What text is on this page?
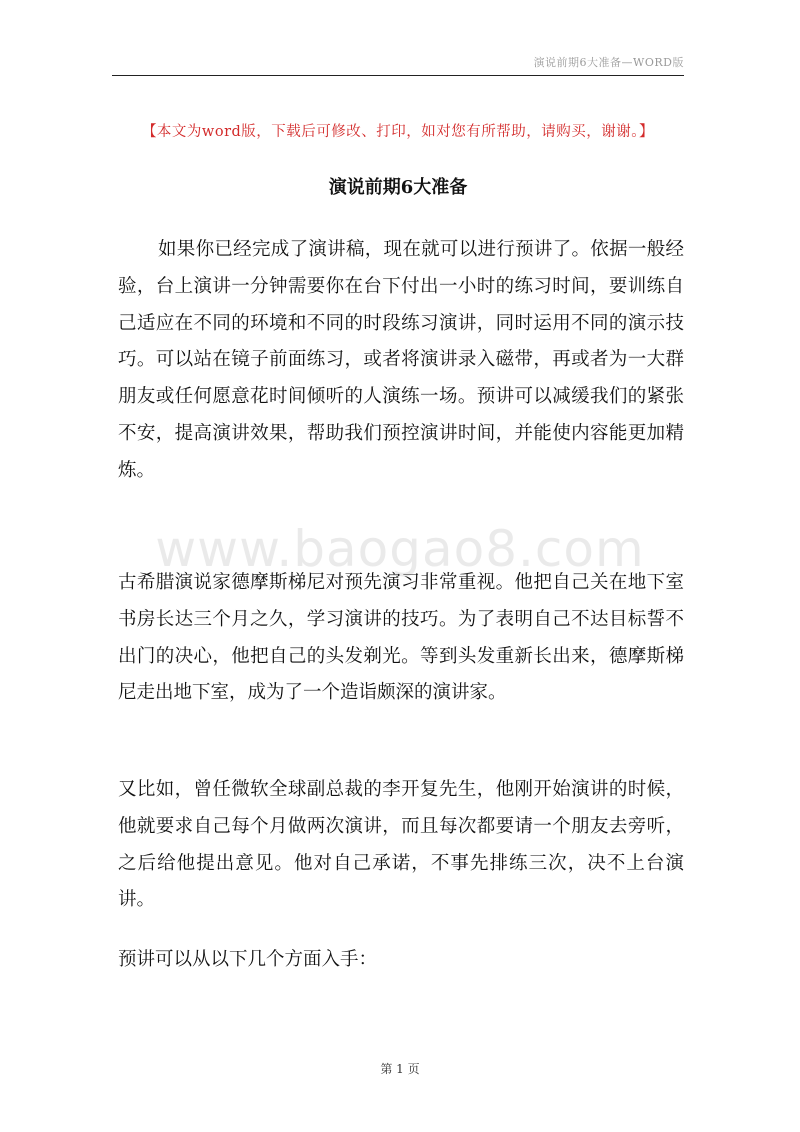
演说前期6大准备—WORD版
【本文为word版，下载后可修改、打印，如对您有所帮助，请购买，谢谢。】
演说前期6大准备

如果你已经完成了演讲稿，现在就可以进行预讲了。依据一般经验，台上演讲一分钟需要你在台下付出一小时的练习时间，要训练自己适应在不同的环境和不同的时段练习演讲，同时运用不同的演示技巧。可以站在镜子前面练习，或者将演讲录入磁带，再或者为一大群朋友或任何愿意花时间倾听的人演练一场。预讲可以减缓我们的紧张不安，提高演讲效果，帮助我们预控演讲时间，并能使内容能更加精炼。

www.baogao8.com

古希腊演说家德摩斯梯尼对预先演习非常重视。他把自己关在地下室书房长达三个月之久，学习演讲的技巧。为了表明自己不达目标誓不出门的决心，他把自己的头发剃光。等到头发重新长出来，德摩斯梯尼走出地下室，成为了一个造诣颇深的演讲家。

又比如，曾任微软全球副总裁的李开复先生，他刚开始演讲的时候，他就要求自己每个月做两次演讲，而且每次都要请一个朋友去旁听，之后给他提出意见。他对自己承诺，不事先排练三次，决不上台演讲。

预讲可以从以下几个方面入手：

第 1 页
